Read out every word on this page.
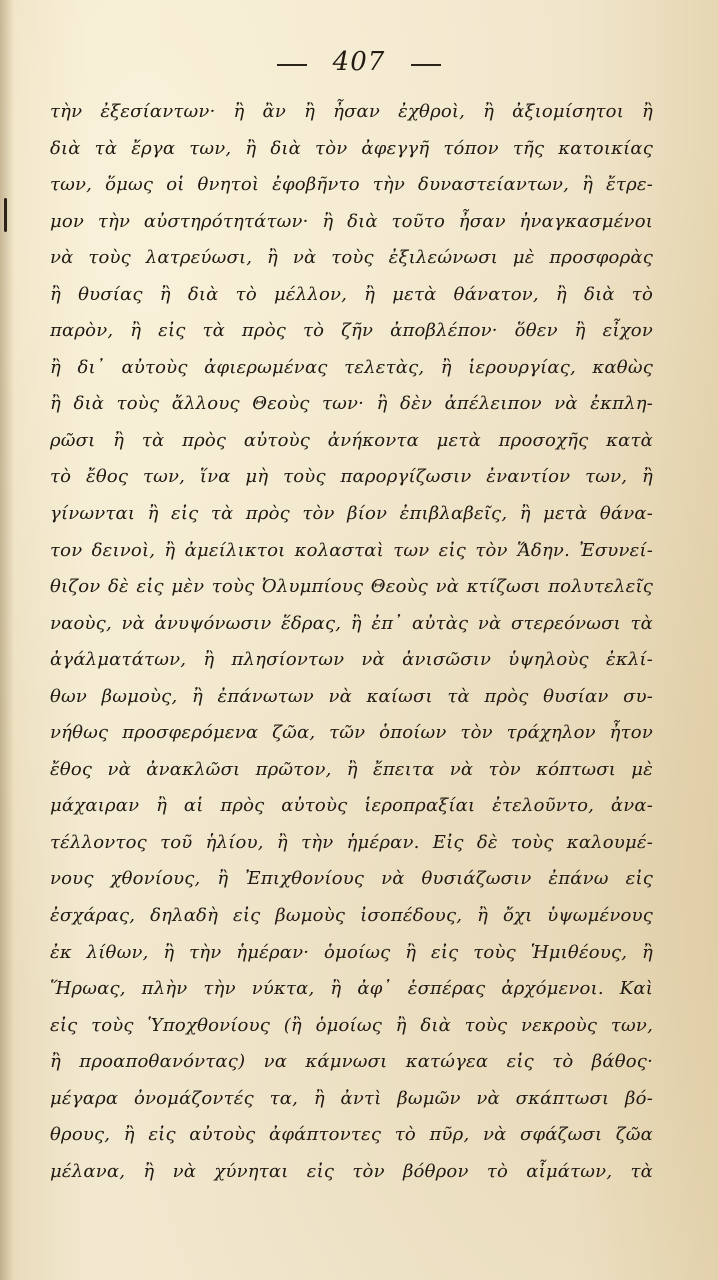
407
τὴν ἐξεσίαντων· ἢ ἂν ἢ ἦσαν ἐχθροὶ, ἢ ἀξιομίσητοι ἢ
διὰ τὰ ἔργα των, ἢ διὰ τὸν ἀφεγγῆ τόπον τῆς κατοικίας
των, ὅμως οἱ θνητοὶ ἐφοβῆντο τὴν δυναστείαντων, ἢ ἔτρε-
μον τὴν αὐστηρότητάτων· ἢ διὰ τοῦτο ἦσαν ἠναγκασμένοι
νὰ τοὺς λατρεύωσι, ἢ νὰ τοὺς ἐξιλεώνωσι μὲ προσφορὰς
ἢ θυσίας ἢ διὰ τὸ μέλλον, ἢ μετὰ θάνατον, ἢ διὰ τὸ
παρὸν, ἢ εἰς τὰ πρὸς τὸ ζῆν ἀποβλέπον· ὅθεν ἢ εἶχον
ἢ δι᾽ αὐτοὺς ἀφιερωμένας τελετὰς, ἢ ἱερουργίας, καθὼς
ἢ διὰ τοὺς ἄλλους Θεοὺς των· ἢ δὲν ἀπέλειπον νὰ ἐκπλη-
ρῶσι ἢ τὰ πρὸς αὐτοὺς ἀνήκοντα μετὰ προσοχῆς κατὰ
τὸ ἔθος των, ἵνα μὴ τοὺς παροργίζωσιν ἐναντίον των, ἢ
γίνωνται ἢ εἰς τὰ πρὸς τὸν βίον ἐπιβλαβεῖς, ἢ μετὰ θάνα-
τον δεινοὶ, ἢ ἀμείλικτοι κολασταὶ των εἰς τὸν Ἅδην. Ἐσυνεί-
θιζον δὲ εἰς μὲν τοὺς Ὀλυμπίους Θεοὺς νὰ κτίζωσι πολυτελεῖς
ναοὺς, νὰ ἀνυψόνωσιν ἕδρας, ἢ ἐπ᾽ αὐτὰς νὰ στερεόνωσι τὰ
ἀγάλματάτων, ἢ πλησίοντων νὰ ἀνισῶσιν ὑψηλοὺς ἐκλί-
θων βωμοὺς, ἢ ἐπάνωτων νὰ καίωσι τὰ πρὸς θυσίαν συ-
νήθως προσφερόμενα ζῶα, τῶν ὁποίων τὸν τράχηλον ἦτον
ἔθος νὰ ἀνακλῶσι πρῶτον, ἢ ἔπειτα νὰ τὸν κόπτωσι μὲ
μάχαιραν ἢ αἱ πρὸς αὐτοὺς ἱεροπραξίαι ἐτελοῦντο, ἀνα-
τέλλοντος τοῦ ἡλίου, ἢ τὴν ἡμέραν. Εἰς δὲ τοὺς καλουμέ-
νους χθονίους, ἢ Ἐπιχθονίους νὰ θυσιάζωσιν ἐπάνω εἰς
ἐσχάρας, δηλαδὴ εἰς βωμοὺς ἰσοπέδους, ἢ ὄχι ὑψωμένους
ἐκ λίθων, ἢ τὴν ἡμέραν· ὁμοίως ἢ εἰς τοὺς Ἡμιθέους, ἢ
Ἥρωας, πλὴν τὴν νύκτα, ἢ ἀφ᾽ ἑσπέρας ἀρχόμενοι. Καὶ
εἰς τοὺς Ὑποχθονίους (ἢ ὁμοίως ἢ διὰ τοὺς νεκροὺς των,
ἢ προαποθανόντας) να κάμνωσι κατώγεα εἰς τὸ βάθος·
μέγαρα ὀνομάζοντές τα, ἢ ἀντὶ βωμῶν νὰ σκάπτωσι βό-
θρους, ἢ εἰς αὐτοὺς ἀφάπτοντες τὸ πῦρ, νὰ σφάζωσι ζῶα
μέλανα, ἢ νὰ χύνηται εἰς τὸν βόθρον τὸ αἷμάτων, τὰ
